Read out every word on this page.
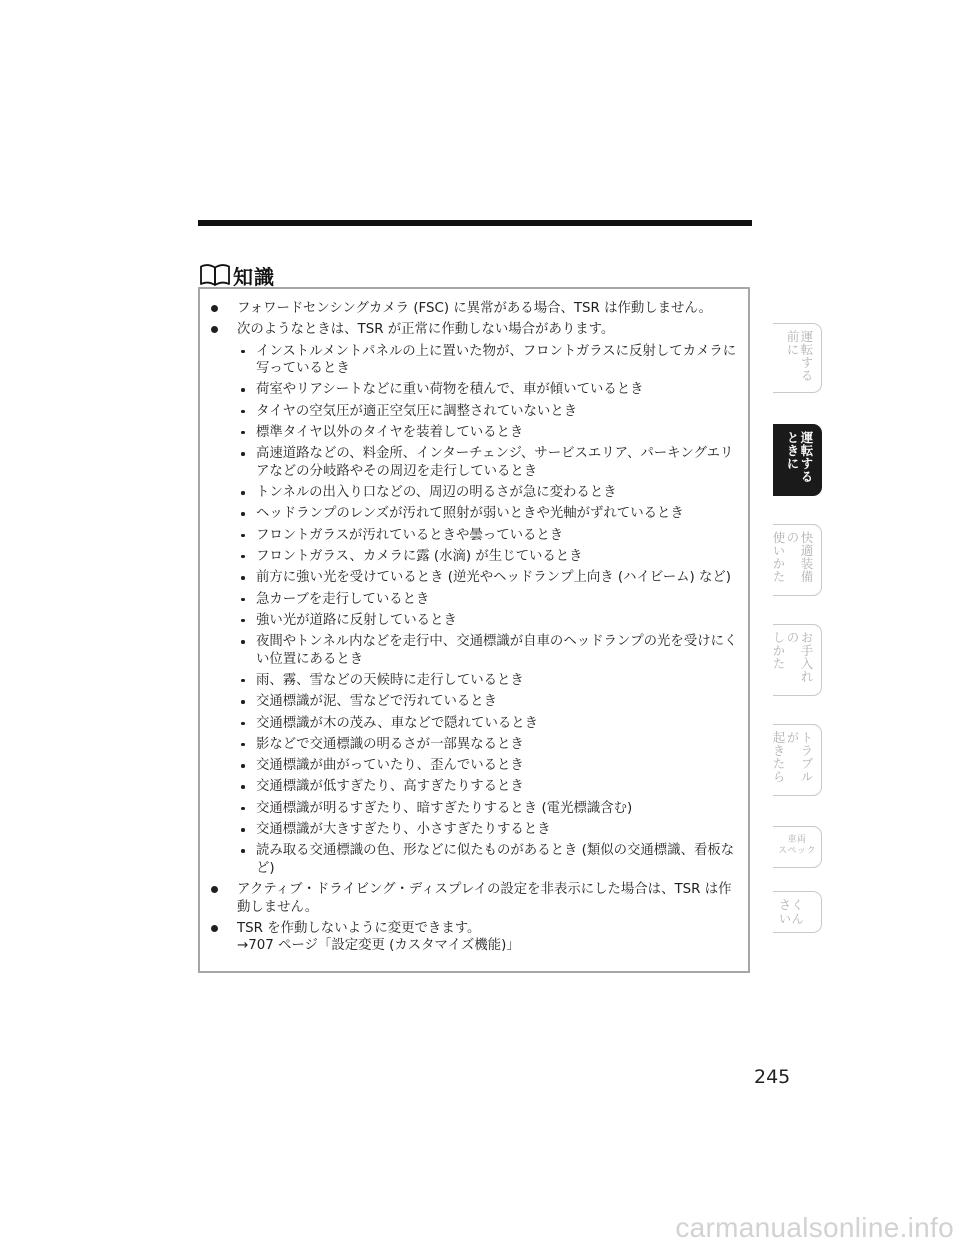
知識
フォワードセンシングカメラ (FSC) に異常がある場合、TSR は作動しません。
次のようなときは、TSR が正常に作動しない場合があります。
インストルメントパネルの上に置いた物が、フロントガラスに反射してカメラに写っているとき
荷室やリアシートなどに重い荷物を積んで、車が傾いているとき
タイヤの空気圧が適正空気圧に調整されていないとき
標準タイヤ以外のタイヤを装着しているとき
高速道路などの、料金所、インターチェンジ、サービスエリア、パーキングエリアなどの分岐路やその周辺を走行しているとき
トンネルの出入り口などの、周辺の明るさが急に変わるとき
ヘッドランプのレンズが汚れて照射が弱いときや光軸がずれているとき
フロントガラスが汚れているときや曇っているとき
フロントガラス、カメラに露 (水滴) が生じているとき
前方に強い光を受けているとき (逆光やヘッドランプ上向き (ハイビーム) など)
急カーブを走行しているとき
強い光が道路に反射しているとき
夜間やトンネル内などを走行中、交通標識が自車のヘッドランプの光を受けにくい位置にあるとき
雨、霧、雪などの天候時に走行しているとき
交通標識が泥、雪などで汚れているとき
交通標識が木の茂み、車などで隠れているとき
影などで交通標識の明るさが一部異なるとき
交通標識が曲がっていたり、歪んでいるとき
交通標識が低すぎたり、高すぎたりするとき
交通標識が明るすぎたり、暗すぎたりするとき (電光標識含む)
交通標識が大きすぎたり、小さすぎたりするとき
読み取る交通標識の色、形などに似たものがあるとき (類似の交通標識、看板など)
アクティブ・ドライビング・ディスプレイの設定を非表示にした場合は、TSR は作動しません。
TSR を作動しないように変更できます。
→707 ページ「設定変更 (カスタマイズ機能)」
運転する
前に
運転する
ときに
快適装備の
使いかた
お手入れの
しかた
トラブルが
起きたら
車両
スペック
さく
いん
245
carmanualsonline.info
